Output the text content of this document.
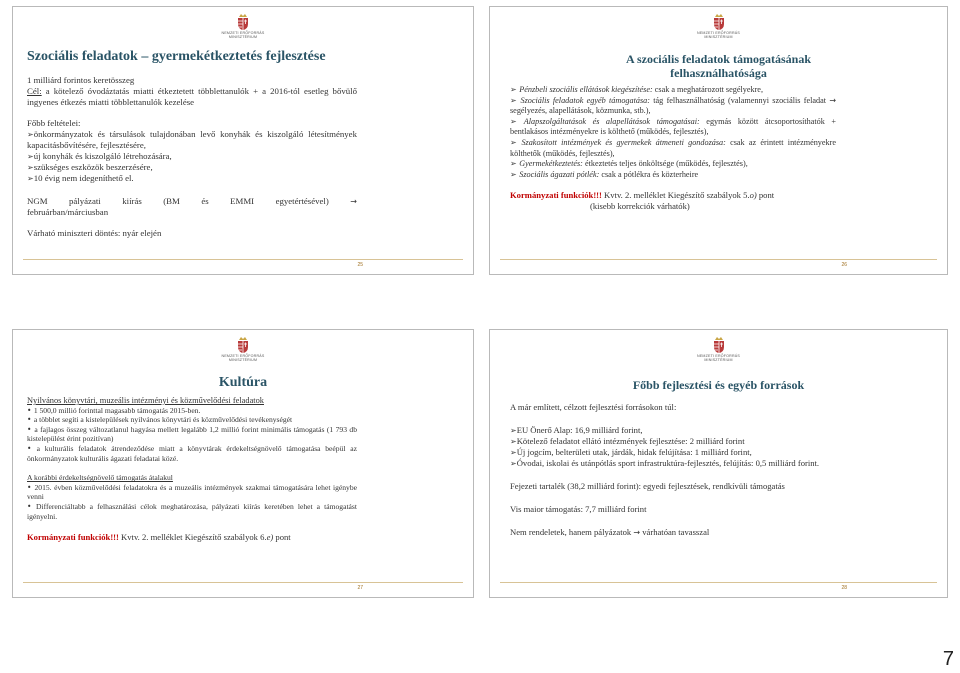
NEMZETI ERŐFORRÁS
MINISZTÉRIUM
Szociális feladatok – gyermekétkeztetés fejlesztése

1 milliárd forintos keretösszeg

Cél: a kötelező óvodáztatás miatti étkeztetett többlettanulók + a 2016-tól esetleg bővülő ingyenes étkezés miatti többlettanulók kezelése

Főbb feltételei:

➢önkormányzatok és társulások tulajdonában levő konyhák és kiszolgáló létesítmények kapacitásbővítésére, fejlesztésére,

➢új konyhák és kiszolgáló létrehozására,

➢szükséges eszközök beszerzésére,

➢10 évig nem idegeníthető el.

NGM pályázati kiírás (BM és EMMI egyetértésével)	→

februárban/márciusban

Várható miniszteri döntés: nyár elején

25
NEMZETI ERŐFORRÁS
MINISZTÉRIUM
A szociális feladatok támogatásának
felhasználhatósága

➢ Pénzbeli szociális ellátások kiegészítése: csak a meghatározott segélyekre,

➢ Szociális feladatok egyéb támogatása: tág felhasználhatóság (valamennyi szociális feladat → segélyezés, alapellátások, közmunka, stb.),

➢ Alapszolgáltatások és alapellátások támogatásai: egymás között átcsoportosíthatók + bentlakásos intézményekre is költhető (működés, fejlesztés),

➢ Szakosított intézmények és gyermekek átmeneti gondozása: csak az érintett intézményekre költhetők (működés, fejlesztés),

➢ Gyermekétkeztetés: étkeztetés teljes önköltsége (működés, fejlesztés),

➢ Szociális ágazati pótlék: csak a pótlékra és közterheire

Kormányzati funkciók!!! Kvtv. 2. melléklet Kiegészítő szabályok 5.o) pont

(kisebb korrekciók várhatók)

26
NEMZETI ERŐFORRÁS
MINISZTÉRIUM
Kultúra

Nyilvános könyvtári, muzeális intézményi és közművelődési feladatok

• 1 500,0 millió forinttal magasabb támogatás 2015-ben.

• a többlet segíti a kistelepülések nyilvános könyvtári és közművelődési tevékenységét

• a fajlagos összeg változatlanul hagyása mellett legalább 1,2 millió forint minimális támogatás (1 793 db kistelepülést érint pozitívan)

• a kulturális feladatok átrendeződése miatt a könyvtárak érdekeltségnövelő támogatása beépül az önkormányzatok kulturális ágazati feladatai közé.

A korábbi érdekeltségnövelő támogatás átalakul

• 2015. évben közművelődési feladatokra és a muzeális intézmények szakmai támogatására lehet igénybe venni

• Differenciáltabb a felhasználási célok meghatározása, pályázati kiírás keretében lehet a támogatást igényelni.

Kormányzati funkciók!!! Kvtv. 2. melléklet Kiegészítő szabályok 6.e) pont

27
NEMZETI ERŐFORRÁS
MINISZTÉRIUM
Főbb fejlesztési és egyéb források

A már említett, célzott fejlesztési forrásokon túl:

➢EU Önerő Alap: 16,9 milliárd forint,

➢Kötelező feladatot ellátó intézmények fejlesztése: 2 milliárd forint

➢Új jogcím, belterületi utak, járdák, hidak felújítása: 1 milliárd forint,

➢Óvodai, iskolai és utánpótlás sport infrastruktúra-fejlesztés, felújítás: 0,5 milliárd forint.

Fejezeti tartalék (38,2 milliárd forint): egyedi fejlesztések, rendkívüli támogatás

Vis maior támogatás: 7,7 milliárd forint

Nem rendeletek, hanem pályázatok → várhatóan tavasszal

28
7
